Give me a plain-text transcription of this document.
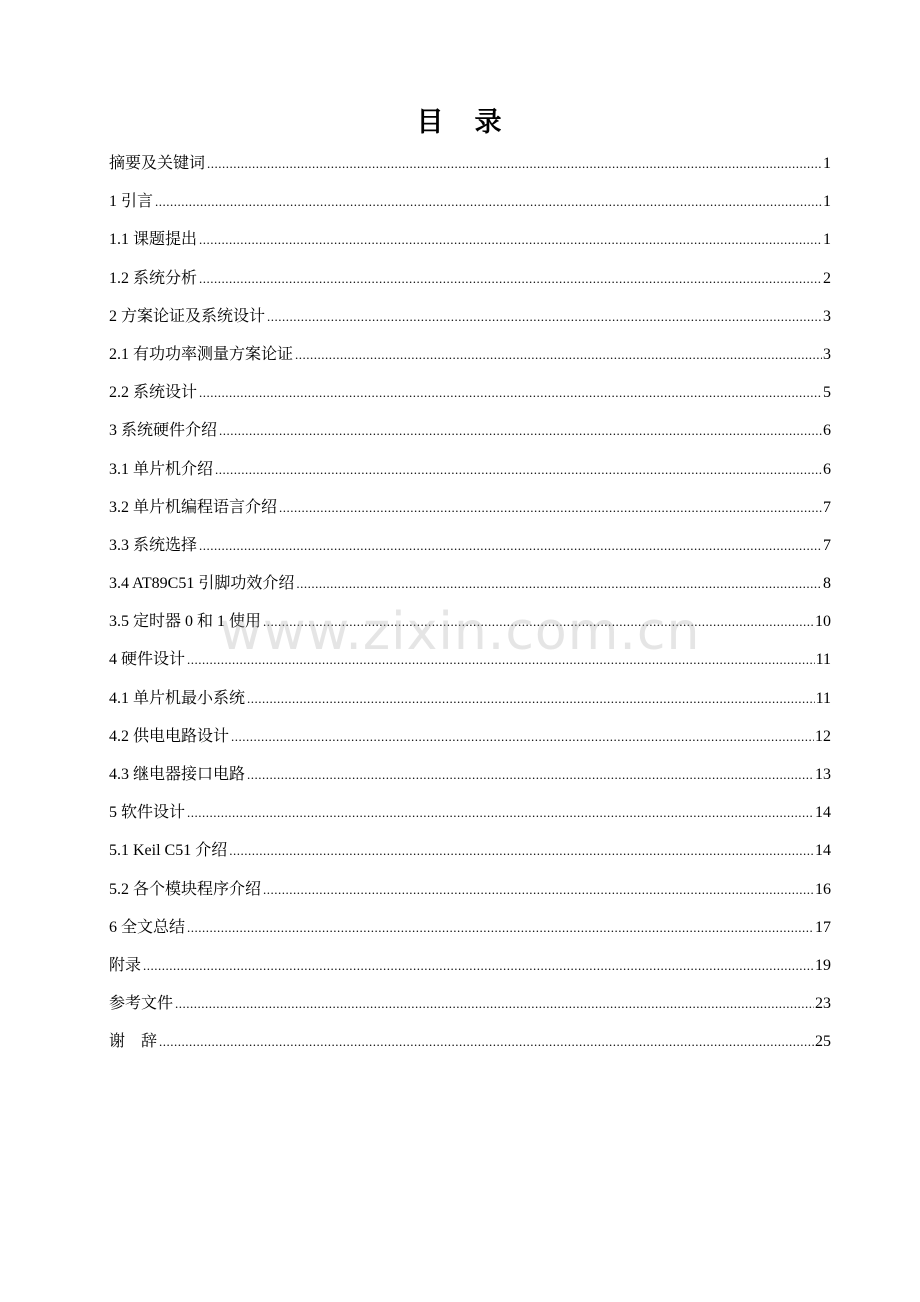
目　录
摘要及关键词 .....	1
1 引言 .....	1
1.1 课题提出 .....	1
1.2 系统分析 .....	2
2 方案论证及系统设计 .....	3
2.1 有功功率测量方案论证 .....	3
2.2 系统设计 .....	5
3 系统硬件介绍 .....	6
3.1 单片机介绍 .....	6
3.2 单片机编程语言介绍 .....	7
3.3 系统选择 .....	7
3.4 AT89C51 引脚功效介绍 .....	8
3.5 定时器 0 和 1 使用 .....	10
4 硬件设计 .....	11
4.1 单片机最小系统 .....	11
4.2 供电电路设计 .....	12
4.3 继电器接口电路 .....	13
5 软件设计 .....	14
5.1 Keil C51 介绍 .....	14
5.2 各个模块程序介绍 .....	16
6 全文总结 .....	17
附录 .....	19
参考文件 .....	23
谢　辞 .....	25
www.zixin.com.cn
